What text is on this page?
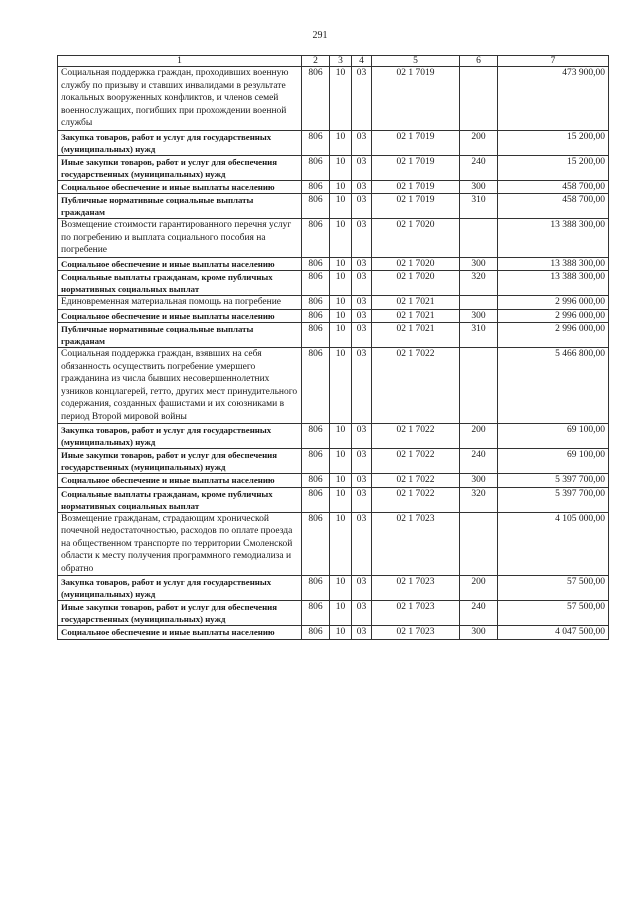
291
1	2	3	4	5	6	7
Социальная поддержка граждан, проходивших военную службу по призыву и ставших инвалидами в результате локальных вооруженных конфликтов, и членов семей военнослужащих, погибших при прохождении военной службы	806	10	03	02 1 7019		473 900,00
Закупка товаров, работ и услуг для государственных (муниципальных) нужд	806	10	03	02 1 7019	200	15 200,00
Иные закупки товаров, работ и услуг для обеспечения государственных (муниципальных) нужд	806	10	03	02 1 7019	240	15 200,00
Социальное обеспечение и иные выплаты населению	806	10	03	02 1 7019	300	458 700,00
Публичные нормативные социальные выплаты гражданам	806	10	03	02 1 7019	310	458 700,00
Возмещение стоимости гарантированного перечня услуг по погребению и выплата социального пособия на погребение	806	10	03	02 1 7020		13 388 300,00
Социальное обеспечение и иные выплаты населению	806	10	03	02 1 7020	300	13 388 300,00
Социальные выплаты гражданам, кроме публичных нормативных социальных выплат	806	10	03	02 1 7020	320	13 388 300,00
Единовременная материальная помощь на погребение	806	10	03	02 1 7021		2 996 000,00
Социальное обеспечение и иные выплаты населению	806	10	03	02 1 7021	300	2 996 000,00
Публичные нормативные социальные выплаты гражданам	806	10	03	02 1 7021	310	2 996 000,00
Социальная поддержка граждан, взявших на себя обязанность осуществить погребение умершего гражданина из числа бывших несовершеннолетних узников концлагерей, гетто, других мест принудительного содержания, созданных фашистами и их союзниками в период Второй мировой войны	806	10	03	02 1 7022		5 466 800,00
Закупка товаров, работ и услуг для государственных (муниципальных) нужд	806	10	03	02 1 7022	200	69 100,00
Иные закупки товаров, работ и услуг для обеспечения государственных (муниципальных) нужд	806	10	03	02 1 7022	240	69 100,00
Социальное обеспечение и иные выплаты населению	806	10	03	02 1 7022	300	5 397 700,00
Социальные выплаты гражданам, кроме публичных нормативных социальных выплат	806	10	03	02 1 7022	320	5 397 700,00
Возмещение гражданам, страдающим хронической почечной недостаточностью, расходов по оплате проезда на общественном транспорте по территории Смоленской области к месту получения программного гемодиализа и обратно	806	10	03	02 1 7023		4 105 000,00
Закупка товаров, работ и услуг для государственных (муниципальных) нужд	806	10	03	02 1 7023	200	57 500,00
Иные закупки товаров, работ и услуг для обеспечения государственных (муниципальных) нужд	806	10	03	02 1 7023	240	57 500,00
Социальное обеспечение и иные выплаты населению	806	10	03	02 1 7023	300	4 047 500,00
